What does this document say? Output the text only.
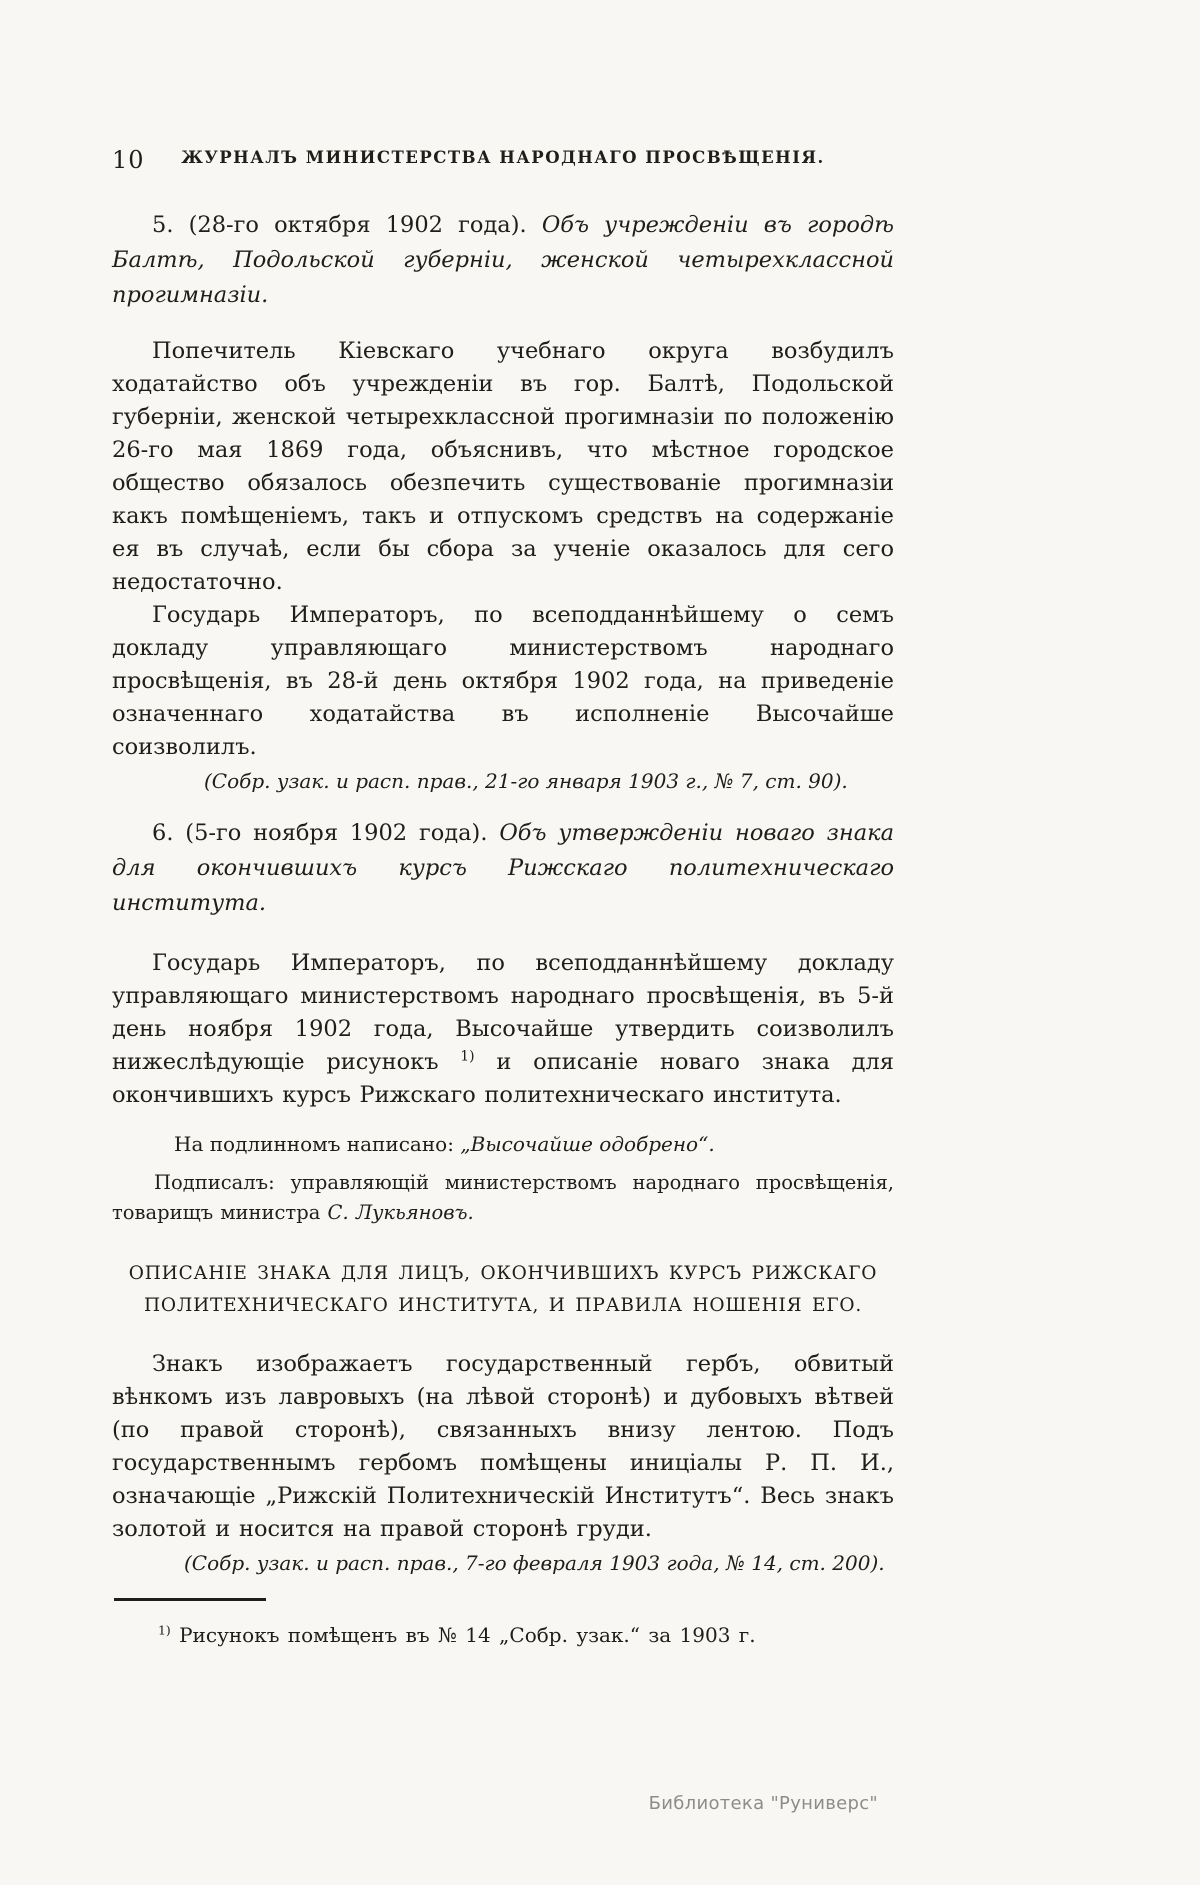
10 ЖУРНАЛЪ МИНИСТЕРСТВА НАРОДНАГО ПРОСВѢЩЕНІЯ.

5. (28-го октября 1902 года). Объ учрежденіи въ городѣ Балтѣ, Подольской губерніи, женской четырехклассной прогимназіи.

Попечитель Кіевскаго учебнаго округа возбудилъ ходатайство объ учрежденіи въ гор. Балтѣ, Подольской губерніи, женской четырехклассной прогимназіи по положенію 26-го мая 1869 года, объяснивъ, что мѣстное городское общество обязалось обезпечить существованіе прогимназіи какъ помѣщеніемъ, такъ и отпускомъ средствъ на содержаніе ея въ случаѣ, если бы сбора за ученіе оказалось для сего недостаточно.

Государь Императоръ, по всеподданнѣйшему о семъ докладу управляющаго министерствомъ народнаго просвѣщенія, въ 28-й день октября 1902 года, на приведеніе означеннаго ходатайства въ исполненіе Высочайше соизволилъ.

(Собр. узак. и расп. прав., 21-го января 1903 г., № 7, ст. 90).

6. (5-го ноября 1902 года). Объ утвержденіи новаго знака для окончившихъ курсъ Рижскаго политехническаго института.

Государь Императоръ, по всеподданнѣйшему докладу управляющаго министерствомъ народнаго просвѣщенія, въ 5-й день ноября 1902 года, Высочайше утвердить соизволилъ нижеслѣдующіе рисунокъ $^{1)}$ и описаніе новаго знака для окончившихъ курсъ Рижскаго политехническаго института.

На подлинномъ написано: „Высочайше одобрено“.

Подписалъ: управляющій министерствомъ народнаго просвѣщенія, товарищъ министра С. Лукьяновъ.

ОПИСАНІЕ ЗНАКА ДЛЯ ЛИЦЪ, ОКОНЧИВШИХЪ КУРСЪ РИЖСКАГО ПОЛИТЕХНИЧЕСКАГО ИНСТИТУТА, И ПРАВИЛА НОШЕНІЯ ЕГО.

Знакъ изображаетъ государственный гербъ, обвитый вѣнкомъ изъ лавровыхъ (на лѣвой сторонѣ) и дубовыхъ вѣтвей (по правой сторонѣ), связанныхъ внизу лентою. Подъ государственнымъ гербомъ помѣщены иниціалы Р. П. И., означающіе „Рижскій Политехническій Институтъ“. Весь знакъ золотой и носится на правой сторонѣ груди.

(Собр. узак. и расп. прав., 7-го февраля 1903 года, № 14, ст. 200).

$^{1)}$ Рисунокъ помѣщенъ въ № 14 „Собр. узак.“ за 1903 г.

Библиотека "Руниверс"
